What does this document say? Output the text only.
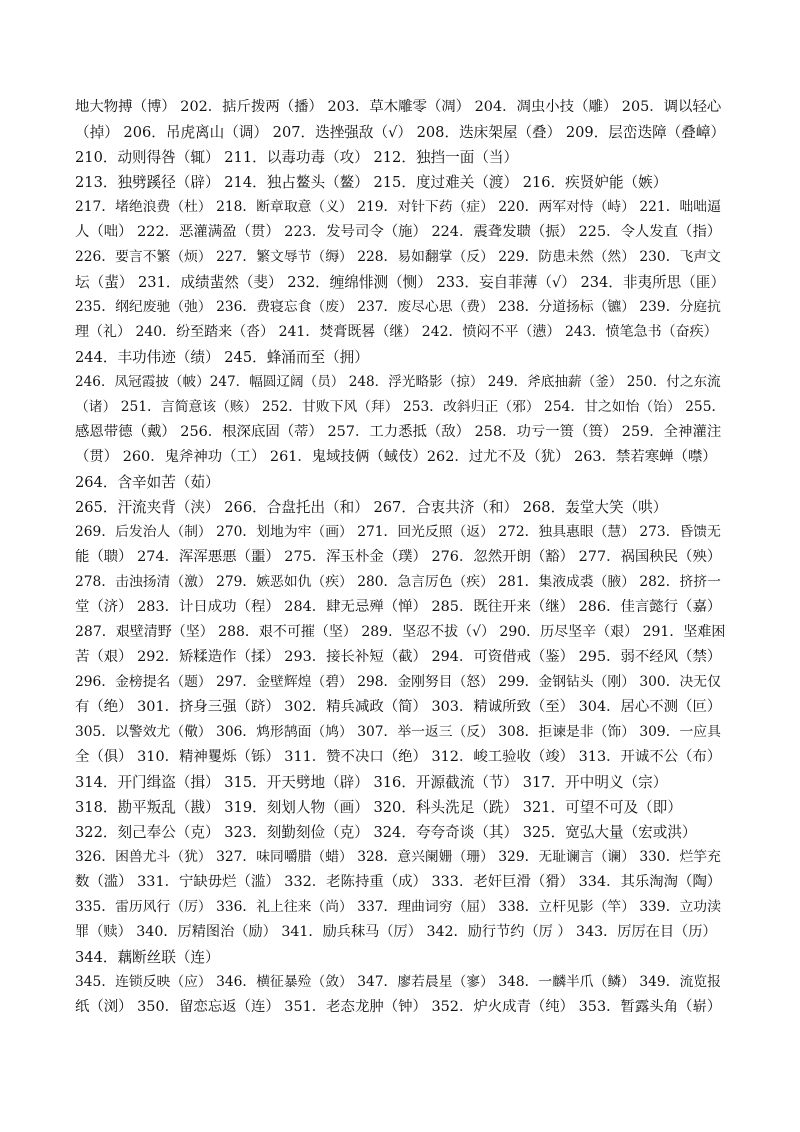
地大物搏（博） 202．掂斤拨两（播） 203．草木雕零（凋） 204．凋虫小技（雕） 205．调以轻心
（掉） 206．吊虎离山（调） 207．迭挫强敌（√） 208．迭床架屋（叠） 209．层峦迭障（叠嶂）
210．动则得咎（辄） 211．以毒功毒（攻） 212．独挡一面（当）
213．独劈蹊径（辟） 214．独占鳌头（鳌） 215．度过难关（渡） 216．疾贤妒能（嫉）
217．堵绝浪费（杜） 218．断章取意（义） 219．对针下药（症） 220．两军对恃（峙） 221．咄咄逼
人（咄） 222．恶灌满盈（贯） 223．发号司令（施） 224．震聋发聩（振） 225．令人发直（指）
226．要言不繁（烦） 227．繁文辱节（缛） 228．易如翻掌（反） 229．防患未然（然） 230．飞声文
坛（蜚） 231．成绩蜚然（斐） 232．缠绵悱测（恻） 233．妄自菲薄（√） 234．非夷所思（匪）
235．纲纪废驰（弛） 236．费寝忘食（废） 237．废尽心思（费） 238．分道扬标（镳） 239．分庭抗
理（礼） 240．纷至踏来（沓） 241．焚膏既晷（继） 242．愤闷不平（懑） 243．愤笔急书（奋疾）
244．丰功伟迹（绩） 245．蜂涌而至（拥）
246．凤冠霞披（帔）247．幅圆辽阔（员） 248．浮光略影（掠） 249．斧底抽薪（釜） 250．付之东流
（诸） 251．言简意该（赅） 252．甘败下风（拜） 253．改斜归正（邪） 254．甘之如怡（饴） 255．
感恩带德（戴） 256．根深底固（蒂） 257．工力悉抵（敌） 258．功亏一篑（篑） 259．全神灌注
（贯） 260．鬼斧神功（工） 261．鬼域技俩（蜮伎）262．过尤不及（犹） 263．禁若寒蝉（噤）
264．含辛如苦（茹）
265．汗流夹背（浃） 266．合盘托出（和） 267．合衷共济（和） 268．轰堂大笑（哄）
269．后发治人（制） 270．划地为牢（画） 271．回光反照（返） 272．独具惠眼（慧） 273．昏馈无
能（聩） 274．浑浑悪悪（噩） 275．浑玉朴金（璞） 276．忽然开朗（豁） 277．祸国秧民（殃）
278．击浊扬清（激） 279．嫉恶如仇（疾） 280．急言厉色（疾） 281．集液成裘（腋） 282．挤挤一
堂（济） 283．计日成功（程） 284．肆无忌殚（惮） 285．既往开来（继） 286．佳言懿行（嘉）
287．艰壁清野（坚） 288．艰不可摧（坚） 289．坚忍不拔（√） 290．历尽坚辛（艰） 291．坚难困
苦（艰） 292．矫糅造作（揉） 293．接长补短（截） 294．可资借戒（鉴） 295．弱不经风（禁）
296．金榜提名（题） 297．金壁辉煌（碧） 298．金刚努目（怒） 299．金钢钻头（刚） 300．决无仅
有（绝） 301．挤身三强（跻） 302．精兵减政（简） 303．精诚所致（至） 304．居心不测（叵）
305．以警效尤（儆） 306．鸩形鹄面（鸠） 307．举一返三（反） 308．拒谏是非（饰） 309．一应具
全（俱） 310．精神矍烁（铄） 311．赞不决口（绝） 312．峻工验收（竣） 313．开诚不公（布）
314．开门缉盗（揖） 315．开天劈地（辟） 316．开源截流（节） 317．开中明义（宗）
318．勘平叛乱（戡） 319．刻划人物（画） 320．科头洗足（跣） 321．可望不可及（即）
322．刻己奉公（克） 323．刻勤刻俭（克） 324．夸夸奇谈（其） 325．宽弘大量（宏或洪）
326．困兽尤斗（犹） 327．味同嚼腊（蜡） 328．意兴阑姗（珊） 329．无耻谰言（谰） 330．烂竽充
数（滥） 331．宁缺毋烂（滥） 332．老陈持重（成） 333．老奸巨滑（猾） 334．其乐淘淘（陶）
335．雷历风行（厉） 336．礼上往来（尚） 337．理曲词穷（屈） 338．立杆见影（竿） 339．立功渎
罪（赎） 340．厉精图治（励） 341．励兵秣马（厉） 342．励行节约（厉 ） 343．厉厉在目（历）
344．藕断丝联（连）
345．连锁反映（应） 346．横征暴殓（敛） 347．廖若晨星（寥） 348．一麟半爪（鳞） 349．流览报
纸（浏） 350．留恋忘返（连） 351．老态龙肿（钟） 352．炉火成青（纯） 353．暂露头角（崭）
